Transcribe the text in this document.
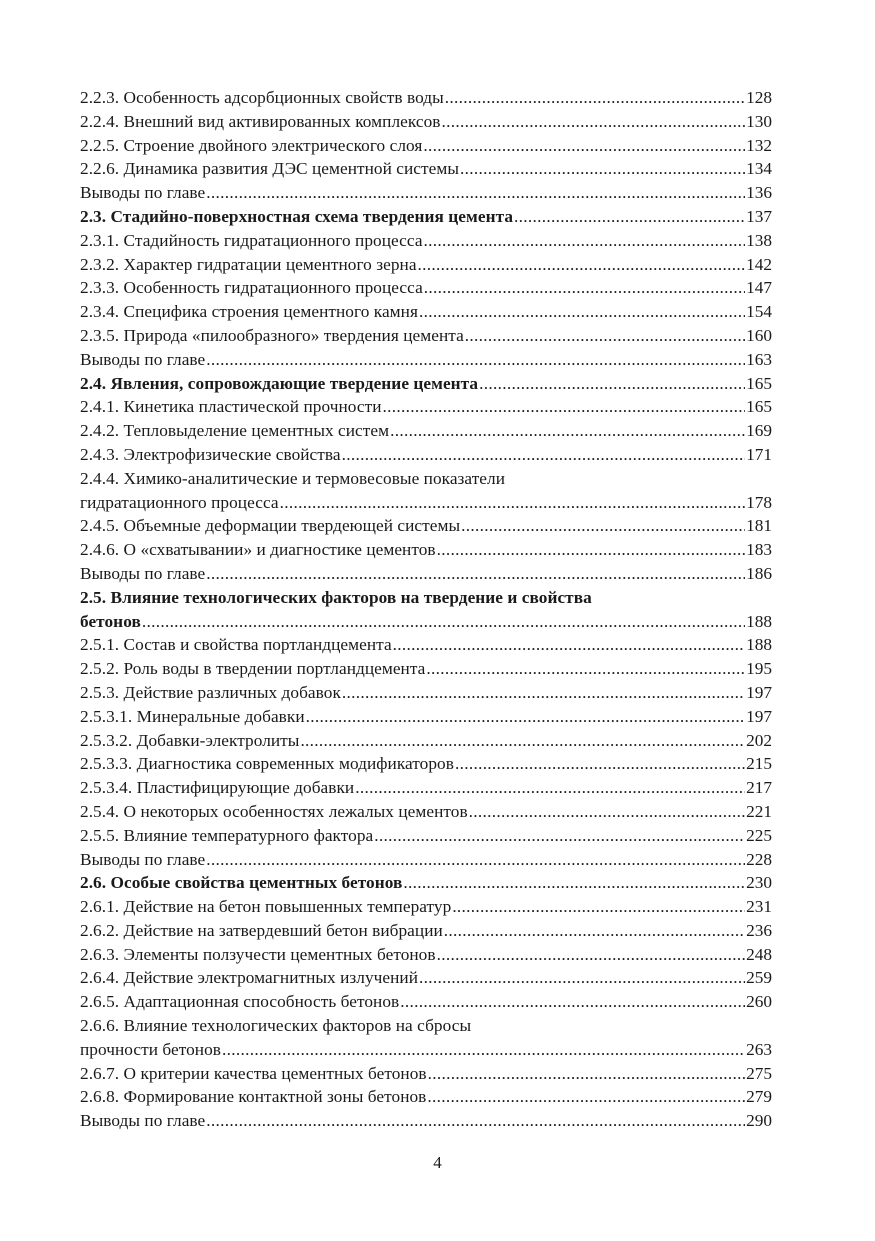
2.2.3. Особенность адсорбционных свойств воды .....	128
2.2.4. Внешний вид активированных комплексов .....	130
2.2.5. Строение двойного электрического слоя .....	132
2.2.6. Динамика развития ДЭС цементной системы .....	134
Выводы по главе .....	136
2.3. Стадийно-поверхностная схема твердения цемента .....	137
2.3.1. Стадийность гидратационного процесса .....	138
2.3.2. Характер гидратации цементного зерна .....	142
2.3.3. Особенность гидратационного процесса .....	147
2.3.4. Специфика строения цементного камня .....	154
2.3.5. Природа «пилообразного» твердения цемента .....	160
Выводы по главе .....	163
2.4. Явления, сопровождающие твердение цемента .....	165
2.4.1. Кинетика пластической прочности .....	165
2.4.2. Тепловыделение цементных систем .....	169
2.4.3. Электрофизические свойства .....	171
2.4.4. Химико-аналитические и термовесовые показатели
гидратационного процесса .....	178
2.4.5. Объемные деформации твердеющей системы .....	181
2.4.6. О «схватывании» и диагностике цементов .....	183
Выводы по главе .....	186
2.5. Влияние технологических факторов на твердение и свойства
бетонов .....	188
2.5.1. Состав и свойства портландцемента .....	188
2.5.2. Роль воды в твердении портландцемента .....	195
2.5.3. Действие различных добавок .....	197
2.5.3.1. Минеральные добавки .....	197
2.5.3.2. Добавки-электролиты .....	202
2.5.3.3. Диагностика современных модификаторов .....	215
2.5.3.4. Пластифицирующие добавки .....	217
2.5.4. О некоторых особенностях лежалых цементов .....	221
2.5.5. Влияние температурного фактора .....	225
Выводы по главе .....	228
2.6. Особые свойства цементных бетонов .....	230
2.6.1. Действие на бетон повышенных температур .....	231
2.6.2. Действие на затвердевший бетон вибрации .....	236
2.6.3. Элементы ползучести цементных бетонов .....	248
2.6.4. Действие электромагнитных излучений .....	259
2.6.5. Адаптационная способность бетонов .....	260
2.6.6. Влияние технологических факторов на сбросы
прочности бетонов .....	263
2.6.7. О критерии качества цементных бетонов .....	275
2.6.8. Формирование контактной зоны бетонов .....	279
Выводы по главе .....	290
4
